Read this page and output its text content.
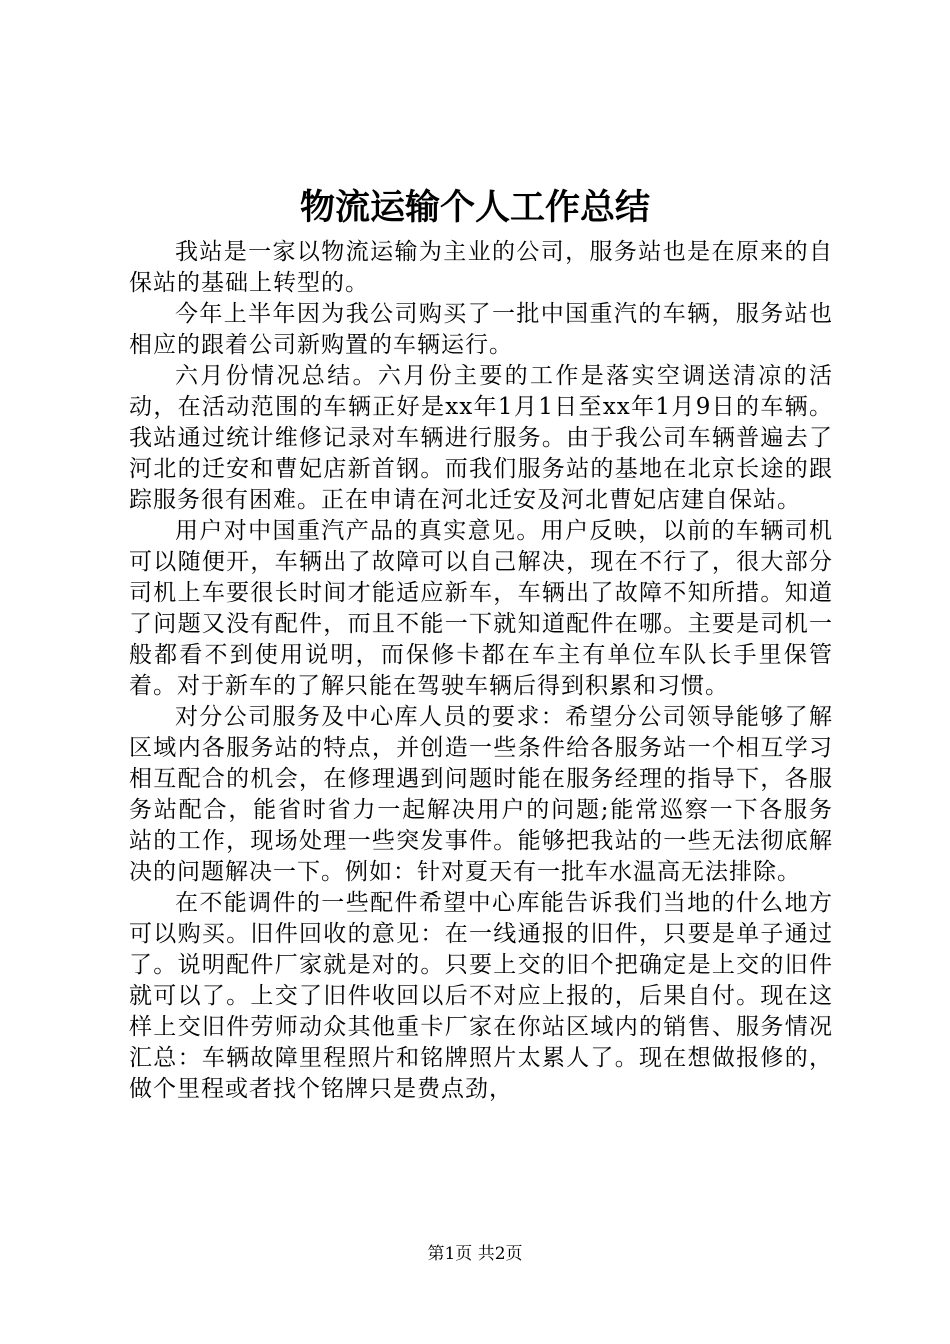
物流运输个人工作总结

我站是一家以物流运输为主业的公司，服务站也是在原来的自保站的基础上转型的。

今年上半年因为我公司购买了一批中国重汽的车辆，服务站也相应的跟着公司新购置的车辆运行。

六月份情况总结。六月份主要的工作是落实空调送清凉的活动，在活动范围的车辆正好是xx年1月1日至xx年1月9日的车辆。我站通过统计维修记录对车辆进行服务。由于我公司车辆普遍去了河北的迁安和曹妃店新首钢。而我们服务站的基地在北京长途的跟踪服务很有困难。正在申请在河北迁安及河北曹妃店建自保站。

用户对中国重汽产品的真实意见。用户反映，以前的车辆司机可以随便开，车辆出了故障可以自己解决，现在不行了，很大部分司机上车要很长时间才能适应新车，车辆出了故障不知所措。知道了问题又没有配件，而且不能一下就知道配件在哪。主要是司机一般都看不到使用说明，而保修卡都在车主有单位车队长手里保管着。对于新车的了解只能在驾驶车辆后得到积累和习惯。

对分公司服务及中心库人员的要求：希望分公司领导能够了解区域内各服务站的特点，并创造一些条件给各服务站一个相互学习相互配合的机会，在修理遇到问题时能在服务经理的指导下，各服务站配合，能省时省力一起解决用户的问题;能常巡察一下各服务站的工作，现场处理一些突发事件。能够把我站的一些无法彻底解决的问题解决一下。例如：针对夏天有一批车水温高无法排除。

在不能调件的一些配件希望中心库能告诉我们当地的什么地方可以购买。旧件回收的意见：在一线通报的旧件，只要是单子通过了。说明配件厂家就是对的。只要上交的旧个把确定是上交的旧件就可以了。上交了旧件收回以后不对应上报的，后果自付。现在这样上交旧件劳师动众其他重卡厂家在你站区域内的销售、服务情况汇总：车辆故障里程照片和铭牌照片太累人了。现在想做报修的，做个里程或者找个铭牌只是费点劲，

第1页 共2页
